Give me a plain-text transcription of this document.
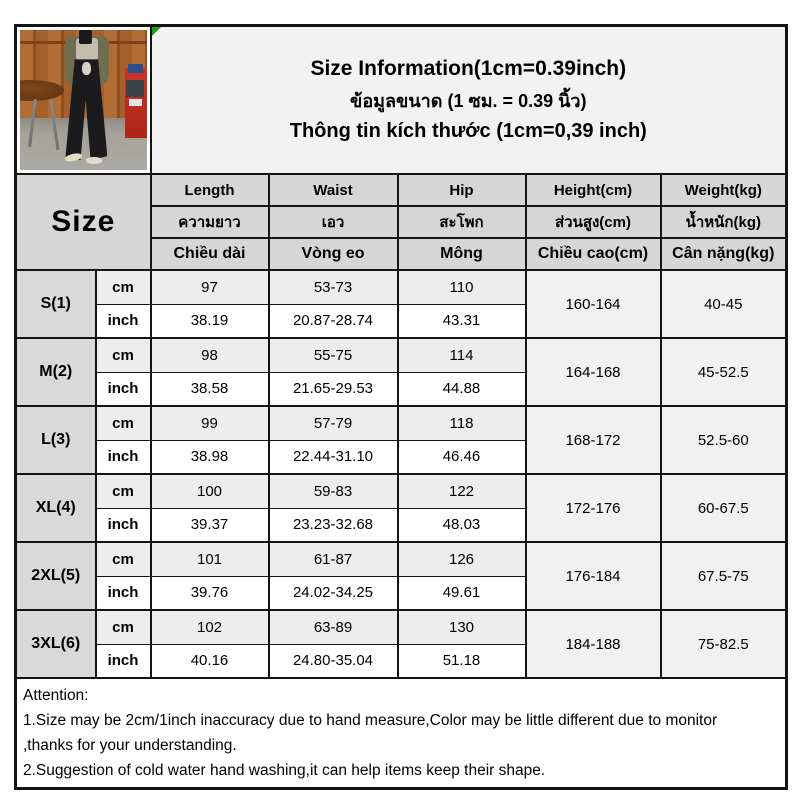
		Size Information(1cm=0.39inch)
ข้อมูลขนาด (1 ซม. = 0.39 นิ้ว)
Thông tin kích thước (1cm=0,39 inch)				

Size		Length	Waist	Hip	Height(cm)	Weight(kg)
		ความยาว	เอว	สะโพก	ส่วนสูง(cm)	น้ำหนัก(kg)
		Chiều dài	Vòng eo	Mông	Chiều cao(cm)	Cân nặng(kg)
S(1)	cm	97	53-73	110	160-164	40-45
	inch	38.19	20.87-28.74	43.31		
M(2)	cm	98	55-75	114	164-168	45-52.5
	inch	38.58	21.65-29.53	44.88		
L(3)	cm	99	57-79	118	168-172	52.5-60
	inch	38.98	22.44-31.10	46.46		
XL(4)	cm	100	59-83	122	172-176	60-67.5
	inch	39.37	23.23-32.68	48.03		
2XL(5)	cm	101	61-87	126	176-184	67.5-75
	inch	39.76	24.02-34.25	49.61		
3XL(6)	cm	102	63-89	130	184-188	75-82.5
	inch	40.16	24.80-35.04	51.18		

Attention:
1.Size may be 2cm/1inch inaccuracy due to hand measure,Color may be little different due to monitor
,thanks for your understanding.
2.Suggestion of cold water hand washing,it can help items keep their shape.						
